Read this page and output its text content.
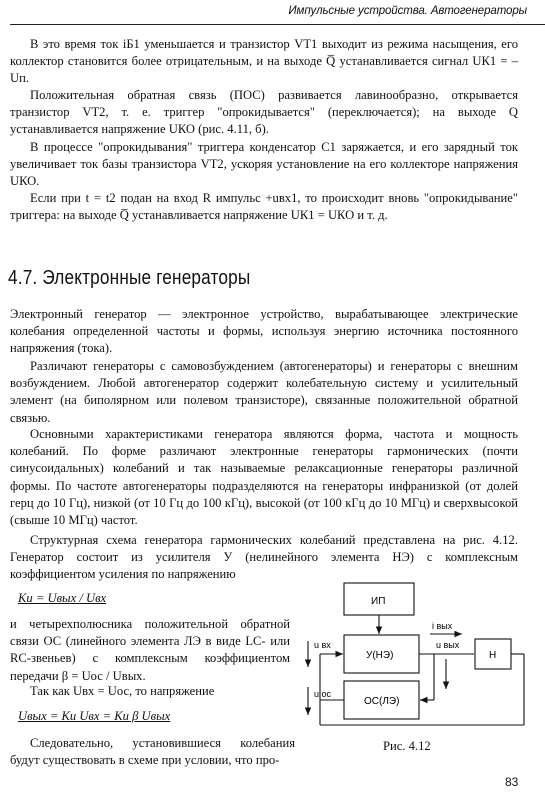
Импульсные устройства. Автогенераторы
В это время ток iБ1 уменьшается и транзистор VT1 выходит из режима насыщения, его коллектор становится более отрицательным, и на выходе Q̅ устанавливается сигнал UК1 = –Uп.
Положительная обратная связь (ПОС) развивается лавинообразно, открывается транзистор VT2, т. е. триггер "опрокидывается" (переключается); на выходе Q устанавливается напряжение UКО (рис. 4.11, б).
В процессе "опрокидывания" триггера конденсатор С1 заряжается, и его зарядный ток увеличивает ток базы транзистора VT2, ускоряя установление на его коллекторе напряжения UКО.
Если при t = t2 подан на вход R импульс +uвх1, то происходит вновь "опрокидывание" триггера: на выходе Q̅ устанавливается напряжение UК1 = UКО и т. д.
4.7. Электронные генераторы
Электронный генератор — электронное устройство, вырабатывающее электрические колебания определенной частоты и формы, используя энергию источника постоянного напряжения (тока).
Различают генераторы с самовозбуждением (автогенераторы) и генераторы с внешним возбуждением. Любой автогенератор содержит колебательную систему и усилительный элемент (на биполярном или полевом транзисторе), связанные положительной обратной связью.
Основными характеристиками генератора являются форма, частота и мощность колебаний. По форме различают электронные генераторы гармонических (почти синусоидальных) колебаний и так называемые релаксационные генераторы различной формы. По частоте автогенераторы подразделяются на генераторы инфранизкой (от долей герц до 10 Гц), низкой (от 10 Гц до 100 кГц), высокой (от 100 кГц до 10 МГц) и сверхвысокой (свыше 10 МГц) частот.
Структурная схема генератора гармонических колебаний представлена на рис. 4.12. Генератор состоит из усилителя У (нелинейного элемента НЭ) с комплексным коэффициентом усиления по напряжению
Ku = Uвых / Uвх
и четырехполюсника положительной обратной связи ОС (линейного элемента ЛЭ в виде LC- или RC-звеньев) с комплексным коэффициентом передачи β = Uос / Uвых.
Так как Uвх = Uос, то напряжение
Uвых = Ku Uвх = Ku β Uвых
Следовательно, установившиеся колебания будут существовать в схеме при условии, что про-
ИП
У(НЭ)
ОС(ЛЭ)
Н
u вх	u вых
i вых
u ос
Рис. 4.12
83
